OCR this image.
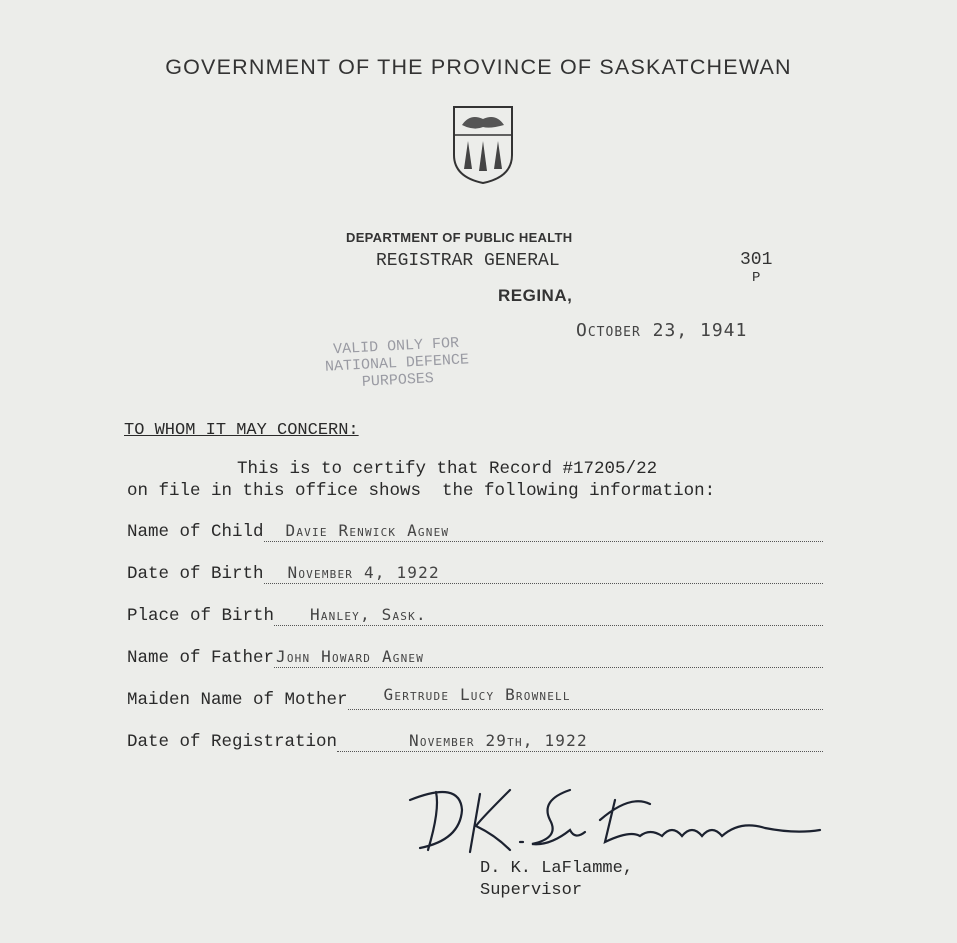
GOVERNMENT OF THE PROVINCE OF SASKATCHEWAN
DEPARTMENT OF PUBLIC HEALTH
REGISTRAR GENERAL	301
P
REGINA,
October 23, 1941
VALID ONLY FOR
NATIONAL DEFENCE
PURPOSES
TO WHOM IT MAY CONCERN:
This is to certify that Record #17205/22
on file in this office shows  the following information:
Name of Child Davie Renwick Agnew
Date of Birth November 4, 1922
Place of Birth Hanley, Sask.
Name of Father John Howard Agnew
Maiden Name of Mother Gertrude Lucy Brownell
Date of Registration	November 29th, 1922
D. K. LaFlamme,
Supervisor
